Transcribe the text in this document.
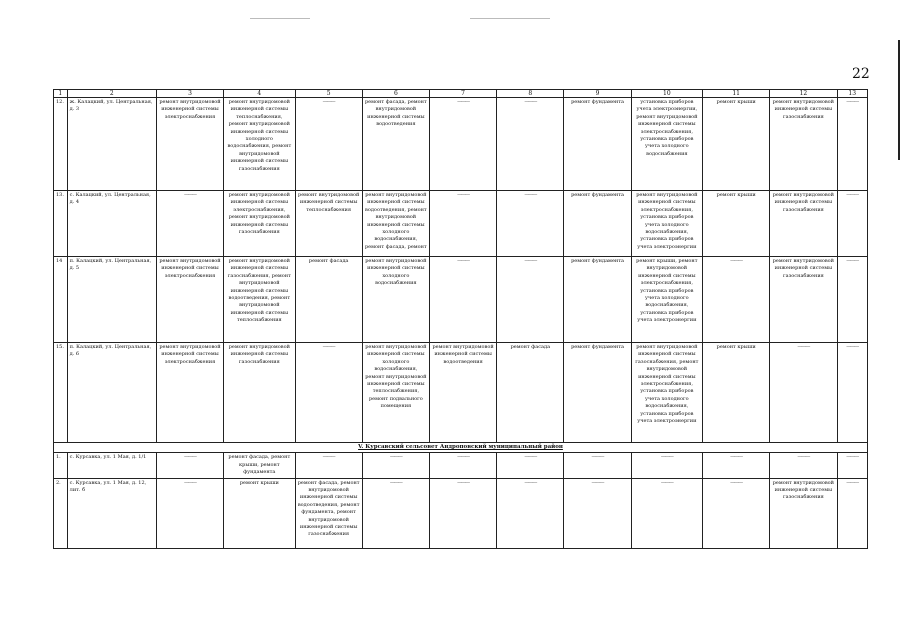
22
1	2	3	4	5	6	7	8	9	10	11	12	13
12.	ж. Калацкий, ул. Центральная, д. 3	ремонт внутридомовой инженерной системы электроснабжения	ремонт внутридомовой инженерной системы теплоснабжения, ремонт внутридомовой инженерной системы холодного водоснабжения, ремонт внутридомовой инженерной системы газоснабжения	———	ремонт фасада, ремонт внутридомовой инженерной системы водоотведения	———	———	ремонт фундамента	установка приборов учета электроэнергии, ремонт внутридомовой инженерной системы электроснабжения, установка приборов учета холодного водоснабжения	ремонт крыши	ремонт внутридомовой инженерной системы газоснабжения	———

13.	с. Калацкий, ул. Центральная, д. 4	———	ремонт внутридомовой инженерной системы электроснабжения, ремонт внутридомовой инженерной системы газоснабжения	ремонт внутридомовой инженерной системы теплоснабжения	ремонт внутридомовой инженерной системы водоотведения, ремонт внутридомовой инженерной системы холодного водоснабжения, ремонт фасада, ремонт	———	———	ремонт фундамента	ремонт внутридомовой инженерной системы электроснабжения, установка приборов учета холодного водоснабжения, установка приборов учета электроэнергии	ремонт крыши	ремонт внутридомовой инженерной системы газоснабжения	———

14	п. Калацкий, ул. Центральная, д. 5	ремонт внутридомовой инженерной системы электроснабжения	ремонт внутридомовой инженерной системы газоснабжения, ремонт внутридомовой инженерной системы водоотведения, ремонт внутридомовой инженерной системы теплоснабжения	ремонт фасада	ремонт внутридомовой инженерной системы холодного водоснабжения	———	———	ремонт фундамента	ремонт крыши, ремонт внутридомовой инженерной системы электроснабжения, установка приборов учета холодного водоснабжения, установка приборов учета электроэнергии	———	ремонт внутридомовой инженерной системы газоснабжения	———

15.	п. Калацкий, ул. Центральная, д. 6	ремонт внутридомовой инженерной системы электроснабжения	ремонт внутридомовой инженерной системы газоснабжения	———	ремонт внутридомовой инженерной системы холодного водоснабжения, ремонт внутридомовой инженерной системы теплоснабжения, ремонт подвального помещения	ремонт внутридомовой инженерной системы водоотведения	ремонт фасада	ремонт фундамента	ремонт внутридомовой инженерной системы газоснабжения, ремонт внутридомовой инженерной системы электроснабжения, установка приборов учета холодного водоснабжения, установка приборов учета электроэнергии	ремонт крыши	———	———

V. Курсавский сельсовет Андроповский муниципальный район												
1.	с. Курсавка, ул. 1 Мая, д. 1/1	———	ремонт фасада, ремонт крыши, ремонт фундамента	———	———	———	———	———	———	———	———	———

2.	с. Курсавка, ул. 1 Мая, д. 12, лит. б	———	ремонт крыши	ремонт фасада, ремонт внутридомовой инженерной системы водоотведения, ремонт фундамента, ремонт внутридомовой инженерной системы газоснабжения	———	———	———	———	———	———	ремонт внутридомовой инженерной системы газоснабжения	———
